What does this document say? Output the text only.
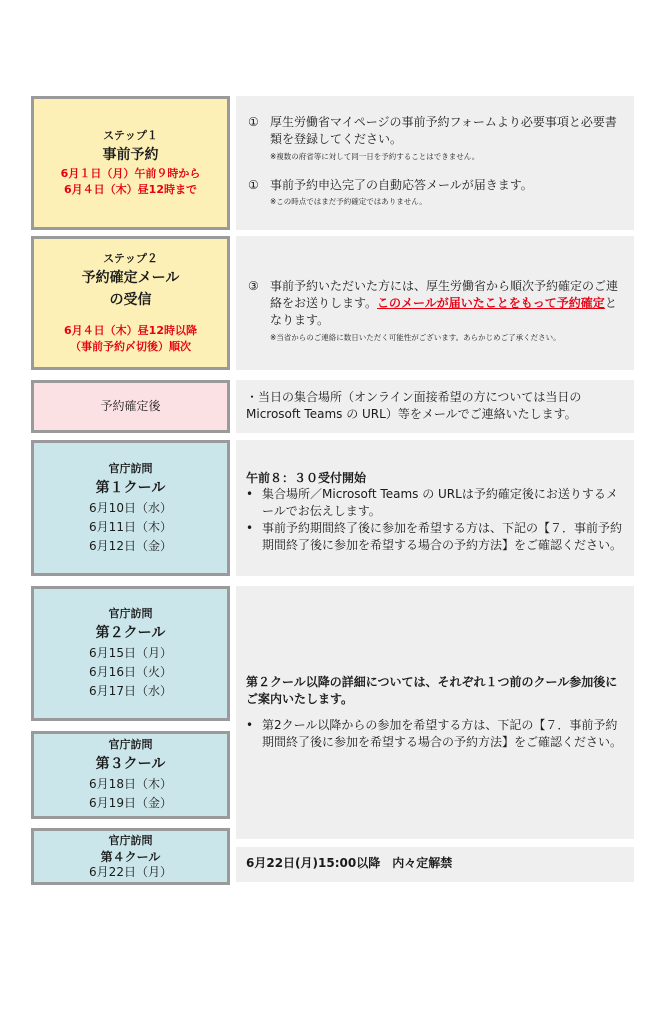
ステップ１
事前予約
6月１日（月）午前９時から
6月４日（木）昼12時まで
① 厚生労働省マイページの事前予約フォームより必要事項と必要書類を登録してください。

※複数の府省等に対して同一日を予約することはできません。

① 事前予約申込完了の自動応答メールが届きます。

※この時点ではまだ予約確定ではありません。

ステップ２
予約確定メール
の受信
6月４日（木）昼12時以降
（事前予約〆切後）順次
③ 事前予約いただいた方には、厚生労働省から順次予約確定のご連絡をお送りします。このメールが届いたことをもって予約確定となります。

※当省からのご連絡に数日いただく可能性がございます。あらかじめご了承ください。

予約確定後

・当日の集合場所（オンライン面接希望の方については当日の Microsoft Teams の URL）等をメールでご連絡いたします。

官庁訪問
第１クール
6月10日（水）
6月11日（木）
6月12日（金）

午前８：３０受付開始

• 集合場所／Microsoft Teams の URLは予約確定後にお送りするメールでお伝えします。

• 事前予約期間終了後に参加を希望する方は、下記の【７．事前予約期間終了後に参加を希望する場合の予約方法】をご確認ください。

官庁訪問
第２クール
6月15日（月）
6月16日（火）
6月17日（水）
官庁訪問
第３クール
6月18日（木）
6月19日（金）

第２クール以降の詳細については、それぞれ１つ前のクール参加後にご案内いたします。

• 第2クール以降からの参加を希望する方は、下記の【７．事前予約期間終了後に参加を希望する場合の予約方法】をご確認ください。

官庁訪問
第４クール
6月22日（月）

6月22日(月)15:00以降　内々定解禁
